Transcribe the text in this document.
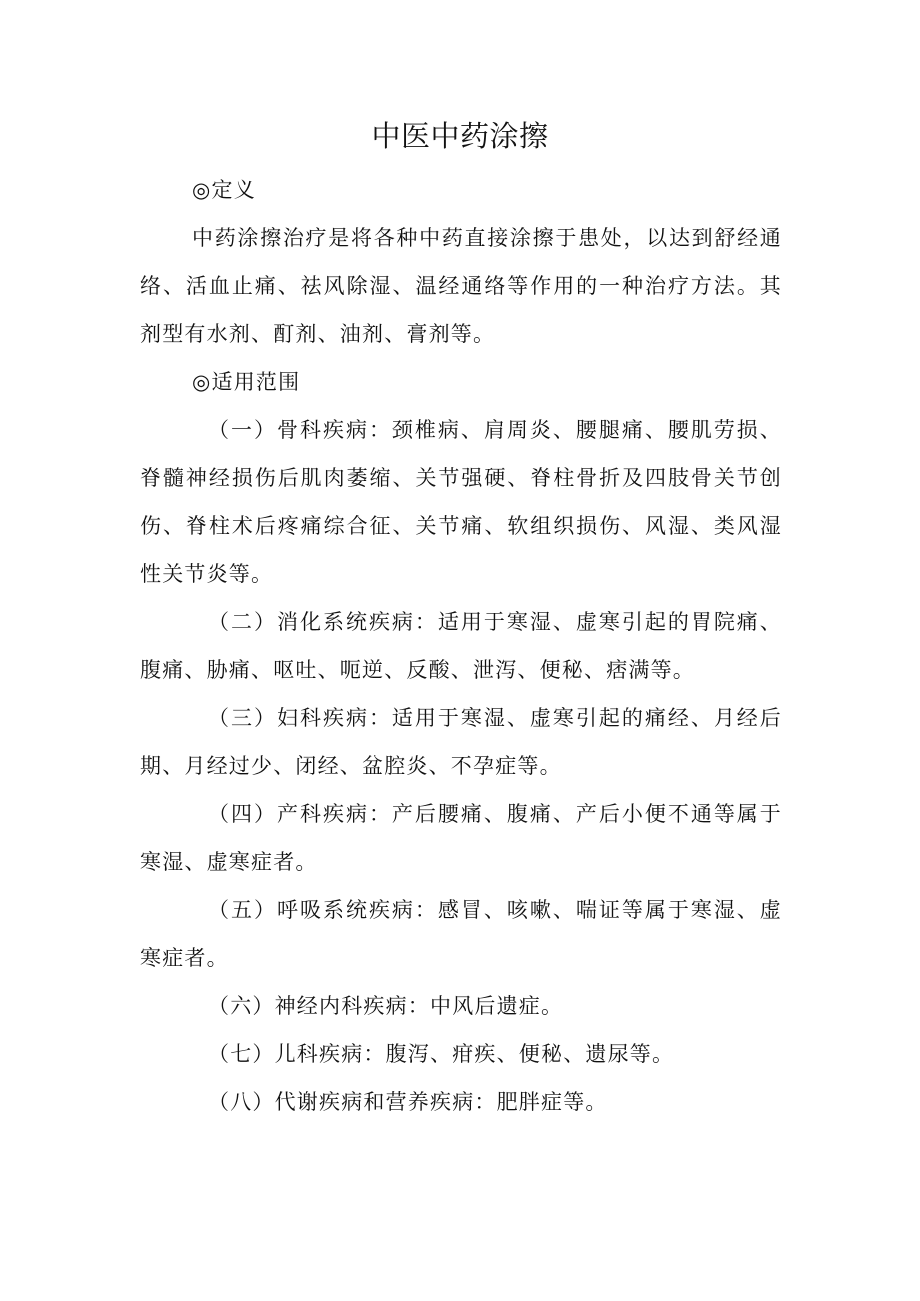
中医中药涂擦

◎定义

中药涂擦治疗是将各种中药直接涂擦于患处，以达到舒经通络、活血止痛、祛风除湿、温经通络等作用的一种治疗方法。其剂型有水剂、酊剂、油剂、膏剂等。

◎适用范围

（一）骨科疾病：颈椎病、肩周炎、腰腿痛、腰肌劳损、脊髓神经损伤后肌肉萎缩、关节强硬、脊柱骨折及四肢骨关节创伤、脊柱术后疼痛综合征、关节痛、软组织损伤、风湿、类风湿性关节炎等。

（二）消化系统疾病：适用于寒湿、虚寒引起的胃院痛、腹痛、胁痛、呕吐、呃逆、反酸、泄泻、便秘、痞满等。

（三）妇科疾病：适用于寒湿、虚寒引起的痛经、月经后期、月经过少、闭经、盆腔炎、不孕症等。

（四）产科疾病：产后腰痛、腹痛、产后小便不通等属于寒湿、虚寒症者。

（五）呼吸系统疾病：感冒、咳嗽、喘证等属于寒湿、虚寒症者。

（六）神经内科疾病：中风后遗症。

（七）儿科疾病：腹泻、疳疾、便秘、遗尿等。

（八）代谢疾病和营养疾病：肥胖症等。
